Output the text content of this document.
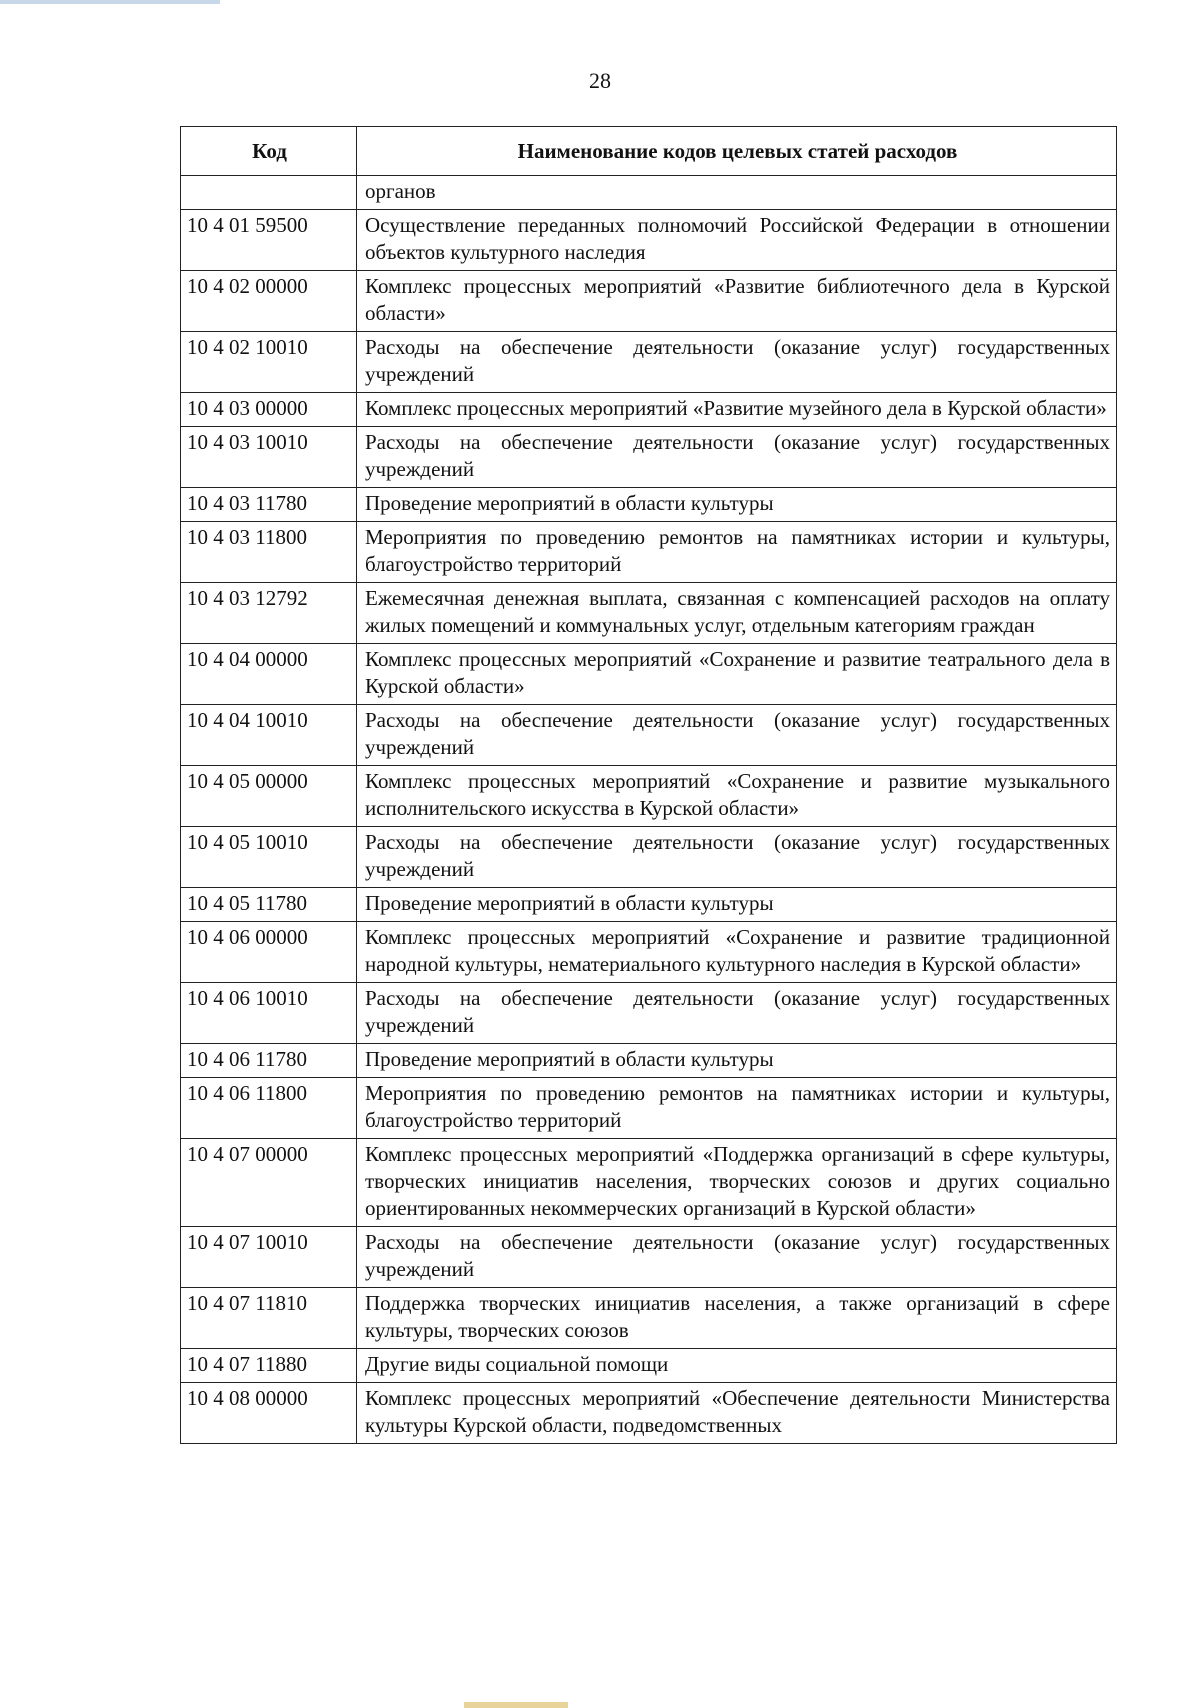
28
Код	Наименование кодов целевых статей расходов
	органов
10 4 01 59500	Осуществление переданных полномочий Российской Федерации в отношении объектов культурного наследия
10 4 02 00000	Комплекс процессных мероприятий «Развитие библиотечного дела в Курской области»
10 4 02 10010	Расходы на обеспечение деятельности (оказание услуг) государственных учреждений
10 4 03 00000	Комплекс процессных мероприятий «Развитие музейного дела в Курской области»
10 4 03 10010	Расходы на обеспечение деятельности (оказание услуг) государственных учреждений
10 4 03 11780	Проведение мероприятий в области культуры
10 4 03 11800	Мероприятия по проведению ремонтов на памятниках истории и культуры, благоустройство территорий
10 4 03 12792	Ежемесячная денежная выплата, связанная с компенсацией расходов на оплату жилых помещений и коммунальных услуг, отдельным категориям граждан
10 4 04 00000	Комплекс процессных мероприятий «Сохранение и развитие театрального дела в Курской области»
10 4 04 10010	Расходы на обеспечение деятельности (оказание услуг) государственных учреждений
10 4 05 00000	Комплекс процессных мероприятий «Сохранение и развитие музыкального исполнительского искусства в Курской области»
10 4 05 10010	Расходы на обеспечение деятельности (оказание услуг) государственных учреждений
10 4 05 11780	Проведение мероприятий в области культуры
10 4 06 00000	Комплекс процессных мероприятий «Сохранение и развитие традиционной народной культуры, нематериального культурного наследия в Курской области»
10 4 06 10010	Расходы на обеспечение деятельности (оказание услуг) государственных учреждений
10 4 06 11780	Проведение мероприятий в области культуры
10 4 06 11800	Мероприятия по проведению ремонтов на памятниках истории и культуры, благоустройство территорий
10 4 07 00000	Комплекс процессных мероприятий «Поддержка организаций в сфере культуры, творческих инициатив населения, творческих союзов и других социально ориентированных некоммерческих организаций в Курской области»
10 4 07 10010	Расходы на обеспечение деятельности (оказание услуг) государственных учреждений
10 4 07 11810	Поддержка творческих инициатив населения, а также организаций в сфере культуры, творческих союзов
10 4 07 11880	Другие виды социальной помощи
10 4 08 00000	Комплекс процессных мероприятий «Обеспечение деятельности Министерства культуры Курской области, подведомственных
